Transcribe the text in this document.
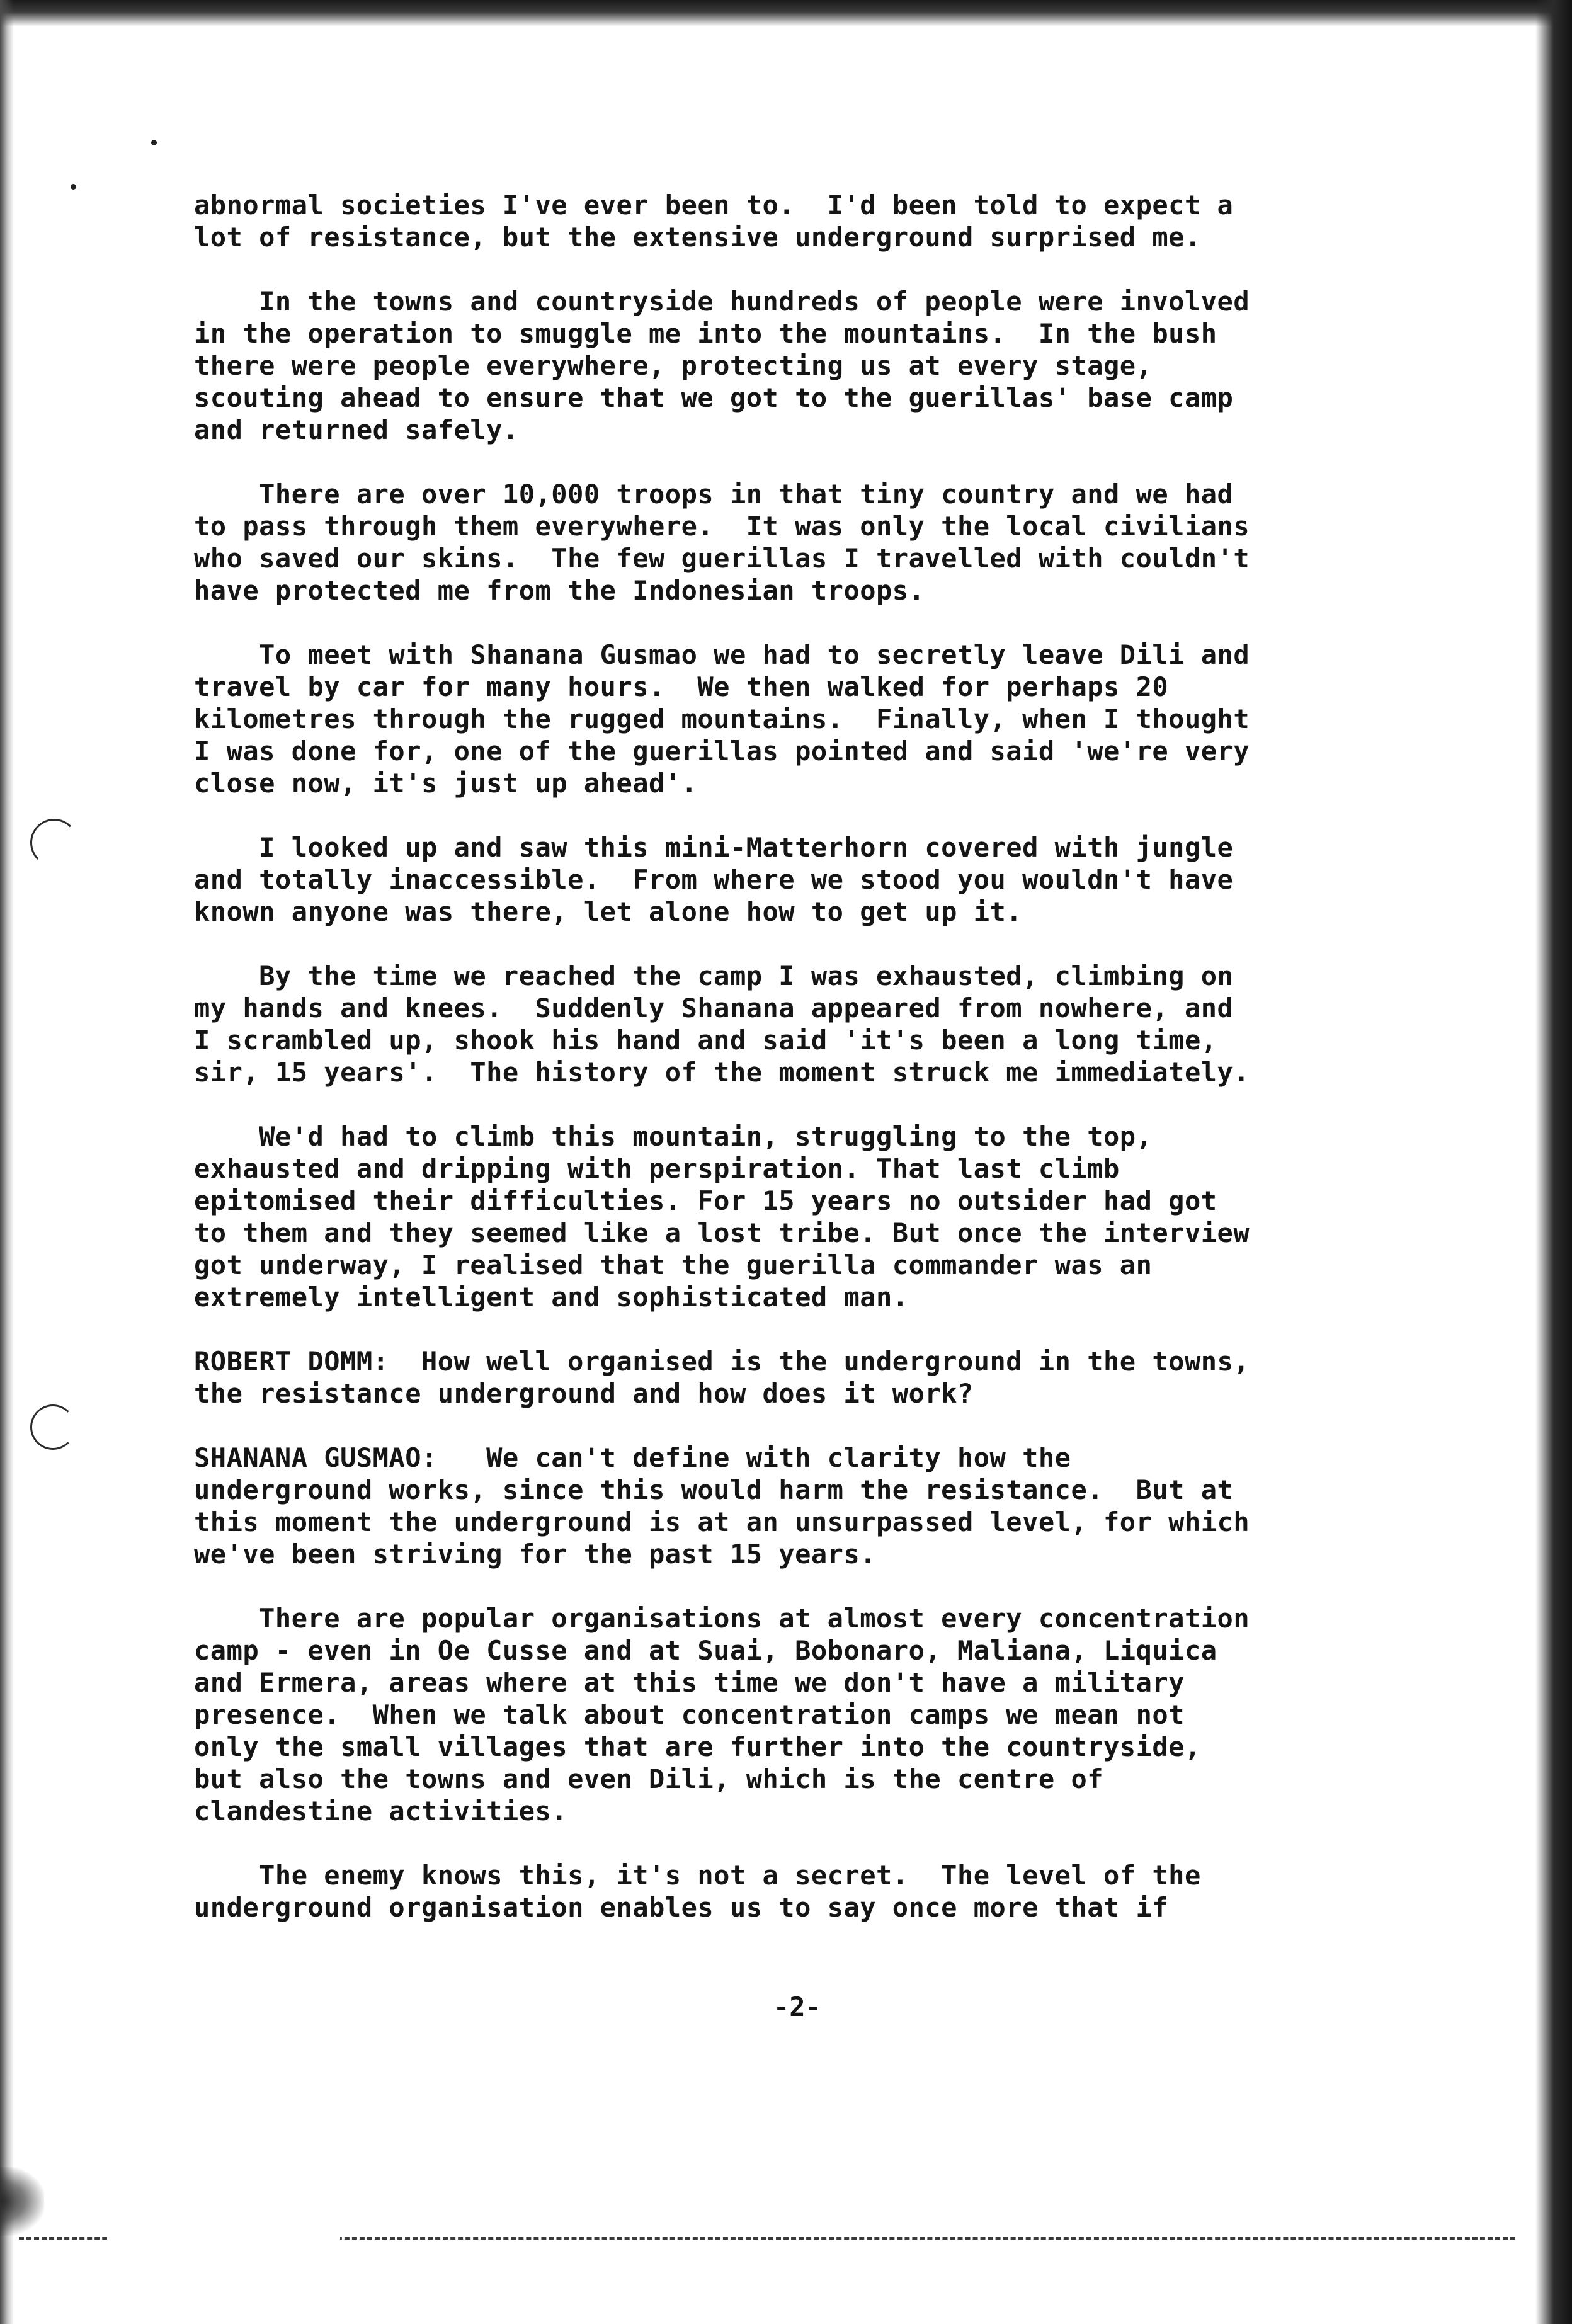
abnormal societies I've ever been to.  I'd been told to expect a
lot of resistance, but the extensive underground surprised me.
In the towns and countryside hundreds of people were involved
in the operation to smuggle me into the mountains.  In the bush
there were people everywhere, protecting us at every stage,
scouting ahead to ensure that we got to the guerillas' base camp
and returned safely.
There are over 10,000 troops in that tiny country and we had
to pass through them everywhere.  It was only the local civilians
who saved our skins.  The few guerillas I travelled with couldn't
have protected me from the Indonesian troops.
To meet with Shanana Gusmao we had to secretly leave Dili and
travel by car for many hours.  We then walked for perhaps 20
kilometres through the rugged mountains.  Finally, when I thought
I was done for, one of the guerillas pointed and said 'we're very
close now, it's just up ahead'.
I looked up and saw this mini-Matterhorn covered with jungle
and totally inaccessible.  From where we stood you wouldn't have
known anyone was there, let alone how to get up it.
By the time we reached the camp I was exhausted, climbing on
my hands and knees.  Suddenly Shanana appeared from nowhere, and
I scrambled up, shook his hand and said 'it's been a long time,
sir, 15 years'.  The history of the moment struck me immediately.
We'd had to climb this mountain, struggling to the top,
exhausted and dripping with perspiration. That last climb
epitomised their difficulties. For 15 years no outsider had got
to them and they seemed like a lost tribe. But once the interview
got underway, I realised that the guerilla commander was an
extremely intelligent and sophisticated man.
ROBERT DOMM:  How well organised is the underground in the towns,
the resistance underground and how does it work?
SHANANA GUSMAO:   We can't define with clarity how the
underground works, since this would harm the resistance.  But at
this moment the underground is at an unsurpassed level, for which
we've been striving for the past 15 years.
There are popular organisations at almost every concentration
camp - even in Oe Cusse and at Suai, Bobonaro, Maliana, Liquica
and Ermera, areas where at this time we don't have a military
presence.  When we talk about concentration camps we mean not
only the small villages that are further into the countryside,
but also the towns and even Dili, which is the centre of
clandestine activities.
The enemy knows this, it's not a secret.  The level of the
underground organisation enables us to say once more that if
-2-
